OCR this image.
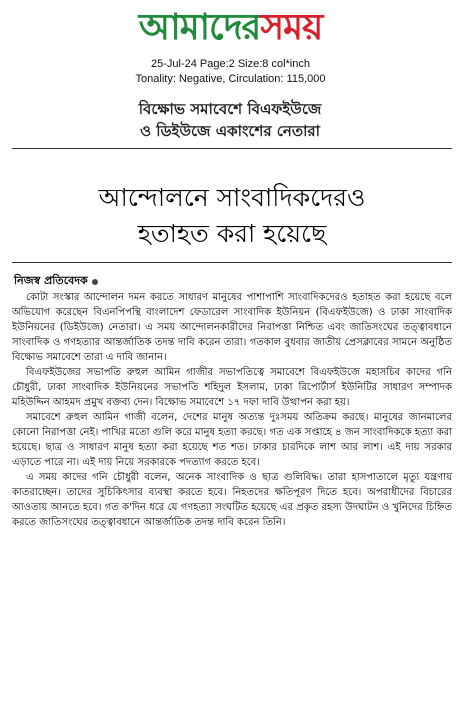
আমাদেরসময়
25-Jul-24 Page:2 Size:8 col*inch
Tonality: Negative, Circulation: 115,000
বিক্ষোভ সমাবেশে বিএফইউজে
ও ডিইউজে একাংশের নেতারা
আন্দোলনে সাংবাদিকদেরও
হতাহত করা হয়েছে
নিজস্ব প্রতিবেদক

কোটা সংস্কার আন্দোলন দমন করতে সাধারণ মানুষের পাশাপাশি সাংবাদিকদেরও হতাহত করা হয়েছে বলে অভিযোগ করেছেন বিএনপিপন্থি বাংলাদেশ ফেডারেল সাংবাদিক ইউনিয়ন (বিএফইউজে) ও ঢাকা সাংবাদিক ইউনিয়নের (ডিইউজে) নেতারা। এ সময় আন্দোলনকারীদের নিরাপত্তা নিশ্চিত এবং জাতিসংঘের তত্ত্বাবধানে সাংবাদিক ও গণহত্যার আন্তর্জাতিক তদন্ত দাবি করেন তারা। গতকাল বুধবার জাতীয় প্রেসক্লাবের সামনে অনুষ্ঠিত বিক্ষোভ সমাবেশে তারা এ দাবি জানান।

বিএফইউজের সভাপতি রুহুল আমিন গাজীর সভাপতিত্বে সমাবেশে বিএফইউজে মহাসচিব কাদের গনি চৌধুরী, ঢাকা সাংবাদিক ইউনিয়নের সভাপতি শহিদুল ইসলাম, ঢাকা রিপোর্টার্স ইউনিটির সাধারণ সম্পাদক মহিউদ্দিন আহমদ প্রমুখ বক্তব্য দেন। বিক্ষোভ সমাবেশে ১৭ দফা দাবি উত্থাপন করা হয়।

সমাবেশে রুহুল আমিন গাজী বলেন, দেশের মানুষ অত্যন্ত দুঃসময় অতিক্রম করছে। মানুষের জানমালের কোনো নিরাপত্তা নেই। পাখির মতো গুলি করে মানুষ হত্যা করছে। গত এক সপ্তাহে ৪ জন সাংবাদিককে হত্যা করা হয়েছে। ছাত্র ও সাধারণ মানুষ হত্যা করা হয়েছে শত শত। ঢাকার চারদিকে লাশ আর লাশ। এই দায় সরকার এড়াতে পারে না। এই দায় নিয়ে সরকারকে পদত্যাগ করতে হবে।

এ সময় কাদের গনি চৌধুরী বলেন, অনেক সাংবাদিক ও ছাত্র গুলিবিদ্ধ। তারা হাসপাতালে মৃত্যু যন্ত্রণায় কাতরাচ্ছেন। তাদের সুচিকিৎসার ব্যবস্থা করতে হবে। নিহতদের ক্ষতিপূরণ দিতে হবে। অপরাধীদের বিচারের আওতায় আনতে হবে। গত ক'দিন ধরে যে গণহত্যা সংঘটিত হয়েছে এর প্রকৃত রহস্য উদঘাটন ও খুনিদের চিহ্নিত করতে জাতিসংঘের তত্ত্বাবধানে আন্তর্জাতিক তদন্ত দাবি করেন তিনি।
